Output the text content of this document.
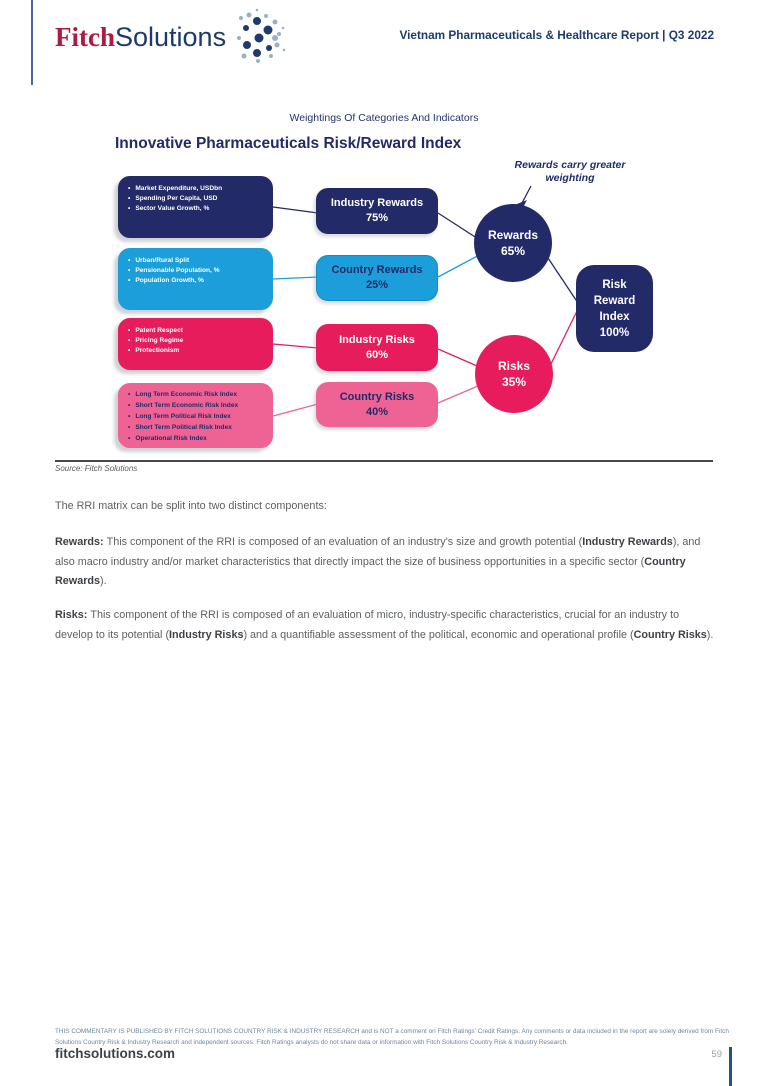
FitchSolutions	Vietnam Pharmaceuticals & Healthcare Report | Q3 2022
Weightings Of Categories And Indicators
Innovative Pharmaceuticals Risk/Reward Index
Rewards carry greater weighting
• Market Expenditure, USDbn
• Spending Per Capita, USD
• Sector Value Growth, %
• Urban/Rural Split
• Pensionable Population, %
• Population Growth, %
• Patent Respect
• Pricing Regime
• Protectionism
• Long Term Economic Risk Index
• Short Term Economic Risk Index
• Long Term Political Risk Index
• Short Term Political Risk Index
• Operational Risk Index
Industry Rewards
75%
Country Rewards
25%
Industry Risks
60%
Country Risks
40%
Rewards
65%
Risks
35%
Risk
Reward
Index
100%
Source: Fitch Solutions
The RRI matrix can be split into two distinct components:
Rewards: This component of the RRI is composed of an evaluation of an industry's size and growth potential (Industry Rewards), and also macro industry and/or market characteristics that directly impact the size of business opportunities in a specific sector (Country Rewards).
Risks: This component of the RRI is composed of an evaluation of micro, industry-specific characteristics, crucial for an industry to develop to its potential (Industry Risks) and a quantifiable assessment of the political, economic and operational profile (Country Risks).
THIS COMMENTARY IS PUBLISHED BY FITCH SOLUTIONS COUNTRY RISK & INDUSTRY RESEARCH and is NOT a comment on Fitch Ratings' Credit Ratings. Any comments or data included in the report are solely derived from Fitch Solutions Country Risk & Industry Research and independent sources. Fitch Ratings analysts do not share data or information with Fitch Solutions Country Risk & Industry Research.
fitchsolutions.com	59
